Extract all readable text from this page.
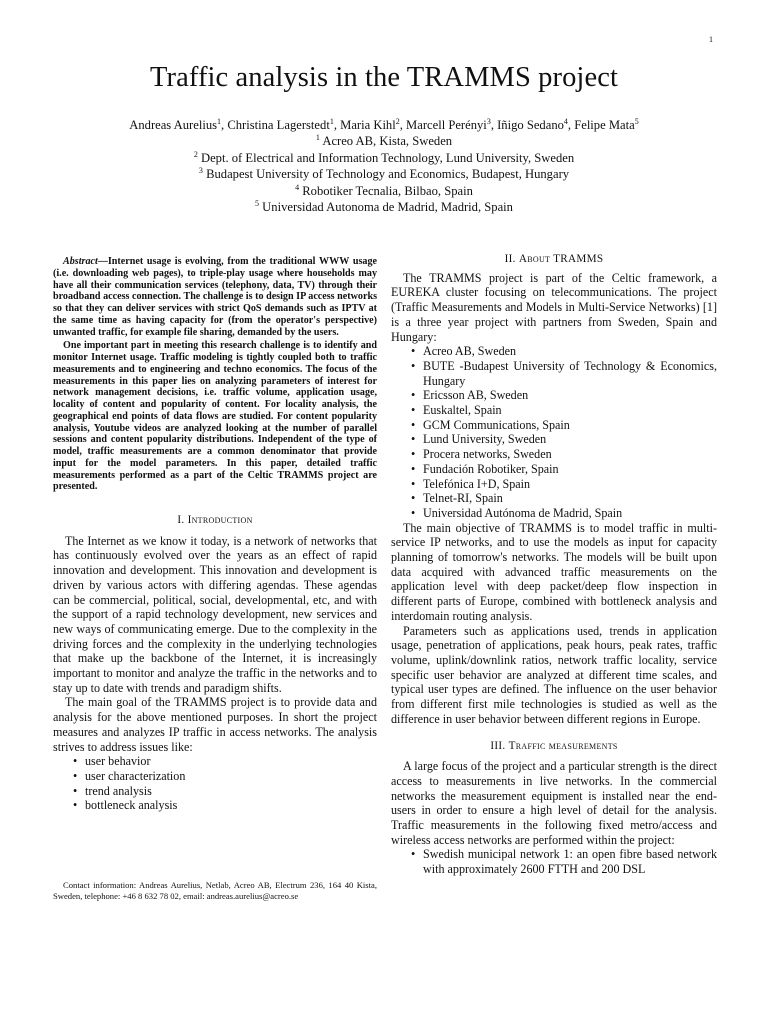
1
Traffic analysis in the TRAMMS project
Andreas Aurelius$^1$, Christina Lagerstedt$^1$, Maria Kihl$^2$, Marcell Perényi$^3$, Iñigo Sedano$^4$, Felipe Mata$^5$
$^1$ Acreo AB, Kista, Sweden
$^2$ Dept. of Electrical and Information Technology, Lund University, Sweden
$^3$ Budapest University of Technology and Economics, Budapest, Hungary
$^4$ Robotiker Tecnalia, Bilbao, Spain
$^5$ Universidad Autonoma de Madrid, Madrid, Spain

Abstract—Internet usage is evolving, from the traditional WWW usage (i.e. downloading web pages), to triple-play usage where households may have all their communication services (telephony, data, TV) through their broadband access connection. The challenge is to design IP access networks so that they can deliver services with strict QoS demands such as IPTV at the same time as having capacity for (from the operator's perspective) unwanted traffic, for example file sharing, demanded by the users.

One important part in meeting this research challenge is to identify and monitor Internet usage. Traffic modeling is tightly coupled both to traffic measurements and to engineering and techno economics. The focus of the measurements in this paper lies on analyzing parameters of interest for network management decisions, i.e. traffic volume, application usage, locality of content and popularity of content. For locality analysis, the geographical end points of data flows are studied. For content popularity analysis, Youtube videos are analyzed looking at the number of parallel sessions and content popularity distributions. Independent of the type of model, traffic measurements are a common denominator that provide input for the model parameters. In this paper, detailed traffic measurements performed as a part of the Celtic TRAMMS project are presented.

I. Introduction

The Internet as we know it today, is a network of networks that has continuously evolved over the years as an effect of rapid innovation and development. This innovation and development is driven by various actors with differing agendas. These agendas can be commercial, political, social, developmental, etc, and with the support of a rapid technology development, new services and new ways of communicating emerge. Due to the complexity in the driving forces and the complexity in the underlying technologies that make up the backbone of the Internet, it is increasingly important to monitor and analyze the traffic in the networks and to stay up to date with trends and paradigm shifts.

The main goal of the TRAMMS project is to provide data and analysis for the above mentioned purposes. In short the project measures and analyzes IP traffic in access networks. The analysis strives to address issues like:

• user behavior
• user characterization
• trend analysis
• bottleneck analysis
Contact information: Andreas Aurelius, Netlab, Acreo AB, Electrum 236, 164 40 Kista, Sweden, telephone: +46 8 632 78 02, email: andreas.aurelius@acreo.se
II. About TRAMMS

The TRAMMS project is part of the Celtic framework, a EUREKA cluster focusing on telecommunications. The project (Traffic Measurements and Models in Multi-Service Networks) [1] is a three year project with partners from Sweden, Spain and Hungary:

• Acreo AB, Sweden
• BUTE -Budapest University of Technology & Economics, Hungary
• Ericsson AB, Sweden
• Euskaltel, Spain
• GCM Communications, Spain
• Lund University, Sweden
• Procera networks, Sweden
• Fundación Robotiker, Spain
• Telefónica I+D, Spain
• Telnet-RI, Spain
• Universidad Autónoma de Madrid, Spain

The main objective of TRAMMS is to model traffic in multi-service IP networks, and to use the models as input for capacity planning of tomorrow's networks. The models will be built upon data acquired with advanced traffic measurements on the application level with deep packet/deep flow inspection in different parts of Europe, combined with bottleneck analysis and interdomain routing analysis.

Parameters such as applications used, trends in application usage, penetration of applications, peak hours, peak rates, traffic volume, uplink/downlink ratios, network traffic locality, service specific user behavior are analyzed at different time scales, and typical user types are defined. The influence on the user behavior from different first mile technologies is studied as well as the difference in user behavior between different regions in Europe.

III. Traffic measurements

A large focus of the project and a particular strength is the direct access to measurements in live networks. In the commercial networks the measurement equipment is installed near the end-users in order to ensure a high level of detail for the analysis. Traffic measurements in the following fixed metro/access and wireless access networks are performed within the project:

• Swedish municipal network 1: an open fibre based network with approximately 2600 FTTH and 200 DSL
